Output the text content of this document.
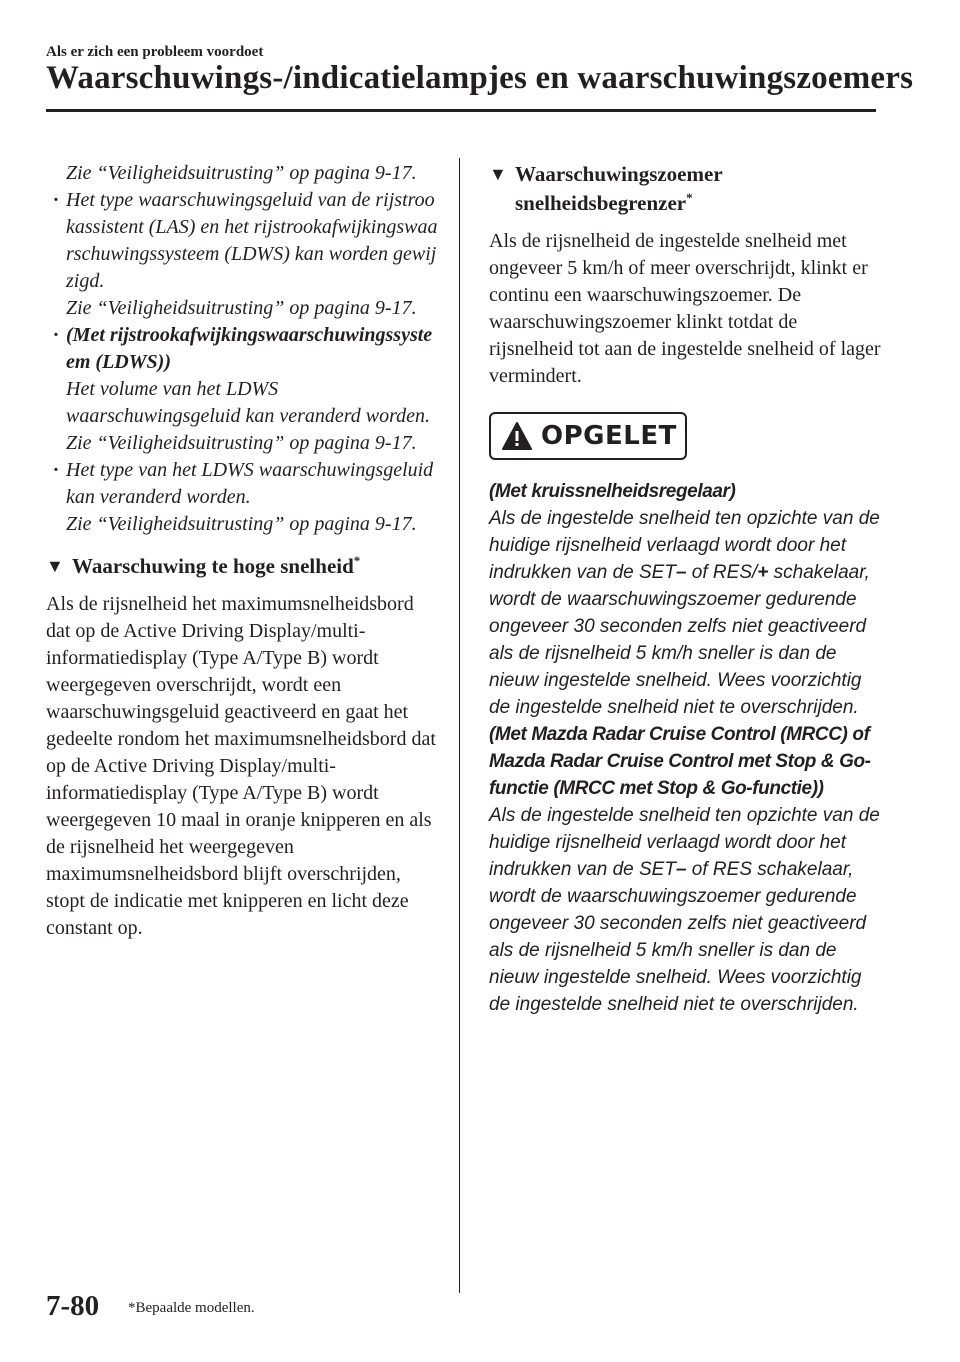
Als er zich een probleem voordoet
Waarschuwings-/indicatielampjes en waarschuwingszoemers

Zie “Veiligheidsuitrusting” op pagina 9-17.

· Het type waarschuwingsgeluid van de rijstrookassistent (LAS) en het rijstrookafwijkingswaarschuwingssysteem (LDWS) kan worden gewijzigd.

Zie “Veiligheidsuitrusting” op pagina 9-17.

· (Met rijstrookafwijkingswaarschuwingssysteem (LDWS))

Het volume van het LDWS waarschuwingsgeluid kan veranderd worden.

Zie “Veiligheidsuitrusting” op pagina 9-17.

· Het type van het LDWS waarschuwingsgeluid kan veranderd worden.

Zie “Veiligheidsuitrusting” op pagina 9-17.

▼ Waarschuwing te hoge snelheid*

Als de rijsnelheid het maximumsnelheidsbord dat op de Active Driving Display/multi-informatiedisplay (Type A/Type B) wordt weergegeven overschrijdt, wordt een waarschuwingsgeluid geactiveerd en gaat het gedeelte rondom het maximumsnelheidsbord dat op de Active Driving Display/multi-informatiedisplay (Type A/Type B) wordt weergegeven 10 maal in oranje knipperen en als de rijsnelheid het weergegeven maximumsnelheidsbord blijft overschrijden, stopt de indicatie met knipperen en licht deze constant op.

▼ Waarschuwingszoemer snelheidsbegrenzer*

Als de rijsnelheid de ingestelde snelheid met ongeveer 5 km/h of meer overschrijdt, klinkt er continu een waarschuwingszoemer. De waarschuwingszoemer klinkt totdat de rijsnelheid tot aan de ingestelde snelheid of lager vermindert.

OPGELET

(Met kruissnelheidsregelaar)

Als de ingestelde snelheid ten opzichte van de huidige rijsnelheid verlaagd wordt door het indrukken van de SET– of RES/+ schakelaar, wordt de waarschuwingszoemer gedurende ongeveer 30 seconden zelfs niet geactiveerd als de rijsnelheid 5 km/h sneller is dan de nieuw ingestelde snelheid. Wees voorzichtig de ingestelde snelheid niet te overschrijden.

(Met Mazda Radar Cruise Control (MRCC) of Mazda Radar Cruise Control met Stop & Go-functie (MRCC met Stop & Go-functie))

Als de ingestelde snelheid ten opzichte van de huidige rijsnelheid verlaagd wordt door het indrukken van de SET– of RES schakelaar, wordt de waarschuwingszoemer gedurende ongeveer 30 seconden zelfs niet geactiveerd als de rijsnelheid 5 km/h sneller is dan de nieuw ingestelde snelheid. Wees voorzichtig de ingestelde snelheid niet te overschrijden.

7-80 *Bepaalde modellen.
